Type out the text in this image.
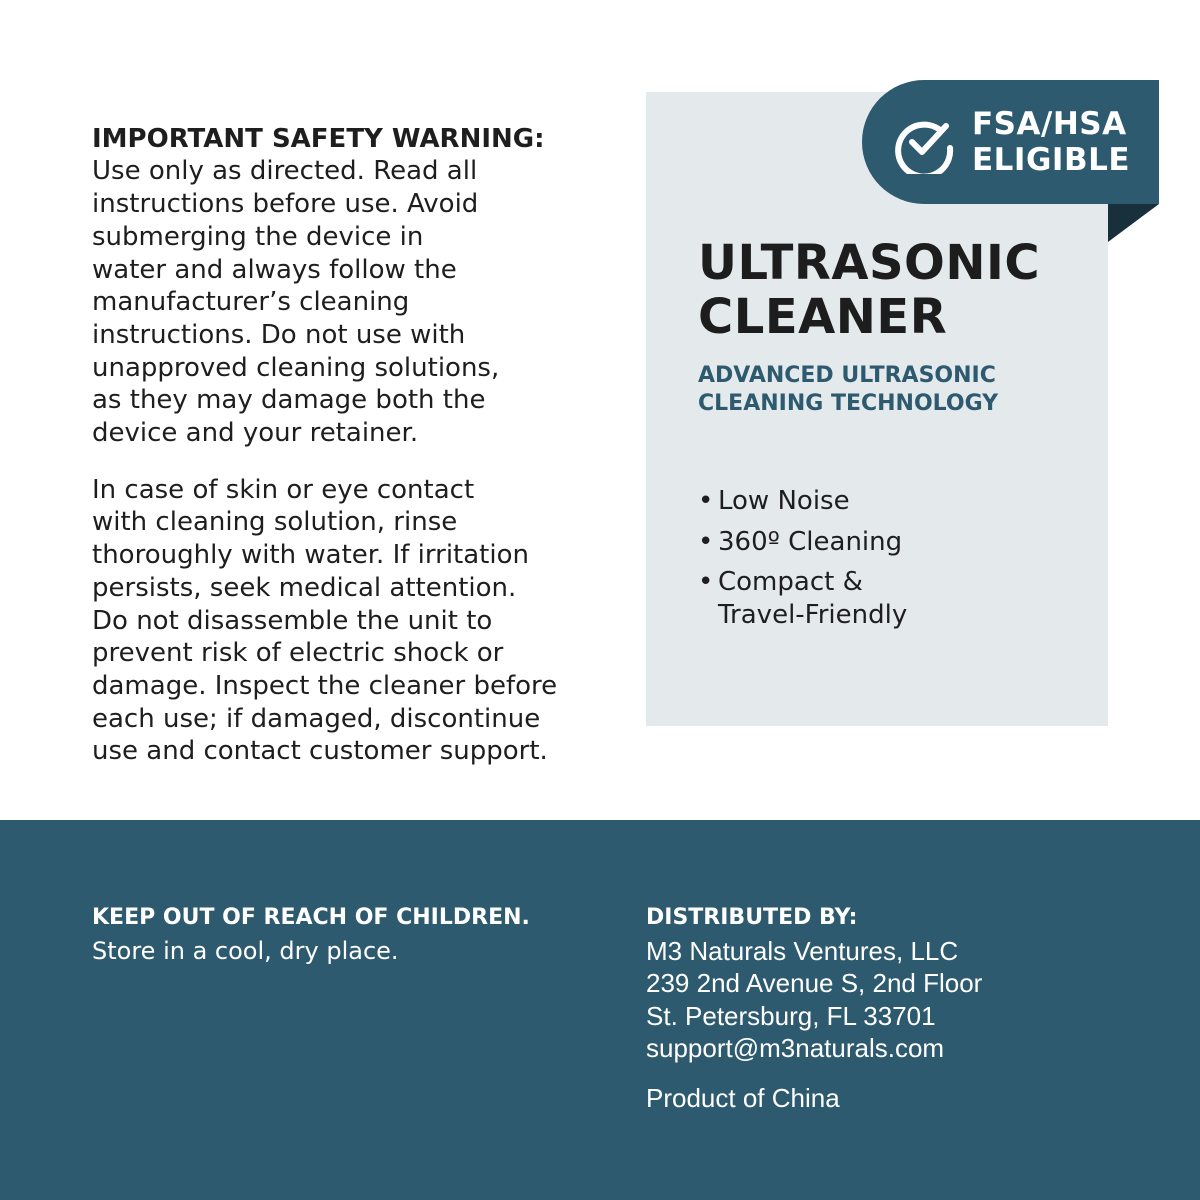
IMPORTANT SAFETY WARNING:
Use only as directed. Read all
instructions before use. Avoid
submerging the device in
water and always follow the
manufacturer’s cleaning
instructions. Do not use with
unapproved cleaning solutions,
as they may damage both the
device and your retainer.

In case of skin or eye contact
with cleaning solution, rinse
thoroughly with water. If irritation
persists, seek medical attention.
Do not disassemble the unit to
prevent risk of electric shock or
damage. Inspect the cleaner before
each use; if damaged, discontinue
use and contact customer support.

FSA/HSA
ELIGIBLE
ULTRASONIC
CLEANER
ADVANCED ULTRASONIC
CLEANING TECHNOLOGY
• Low Noise
• 360º Cleaning
• Compact &
Travel-Friendly
KEEP OUT OF REACH OF CHILDREN.
Store in a cool, dry place.
DISTRIBUTED BY:
M3 Naturals Ventures, LLC
239 2nd Avenue S, 2nd Floor
St. Petersburg, FL 33701
support@m3naturals.com
Product of China
